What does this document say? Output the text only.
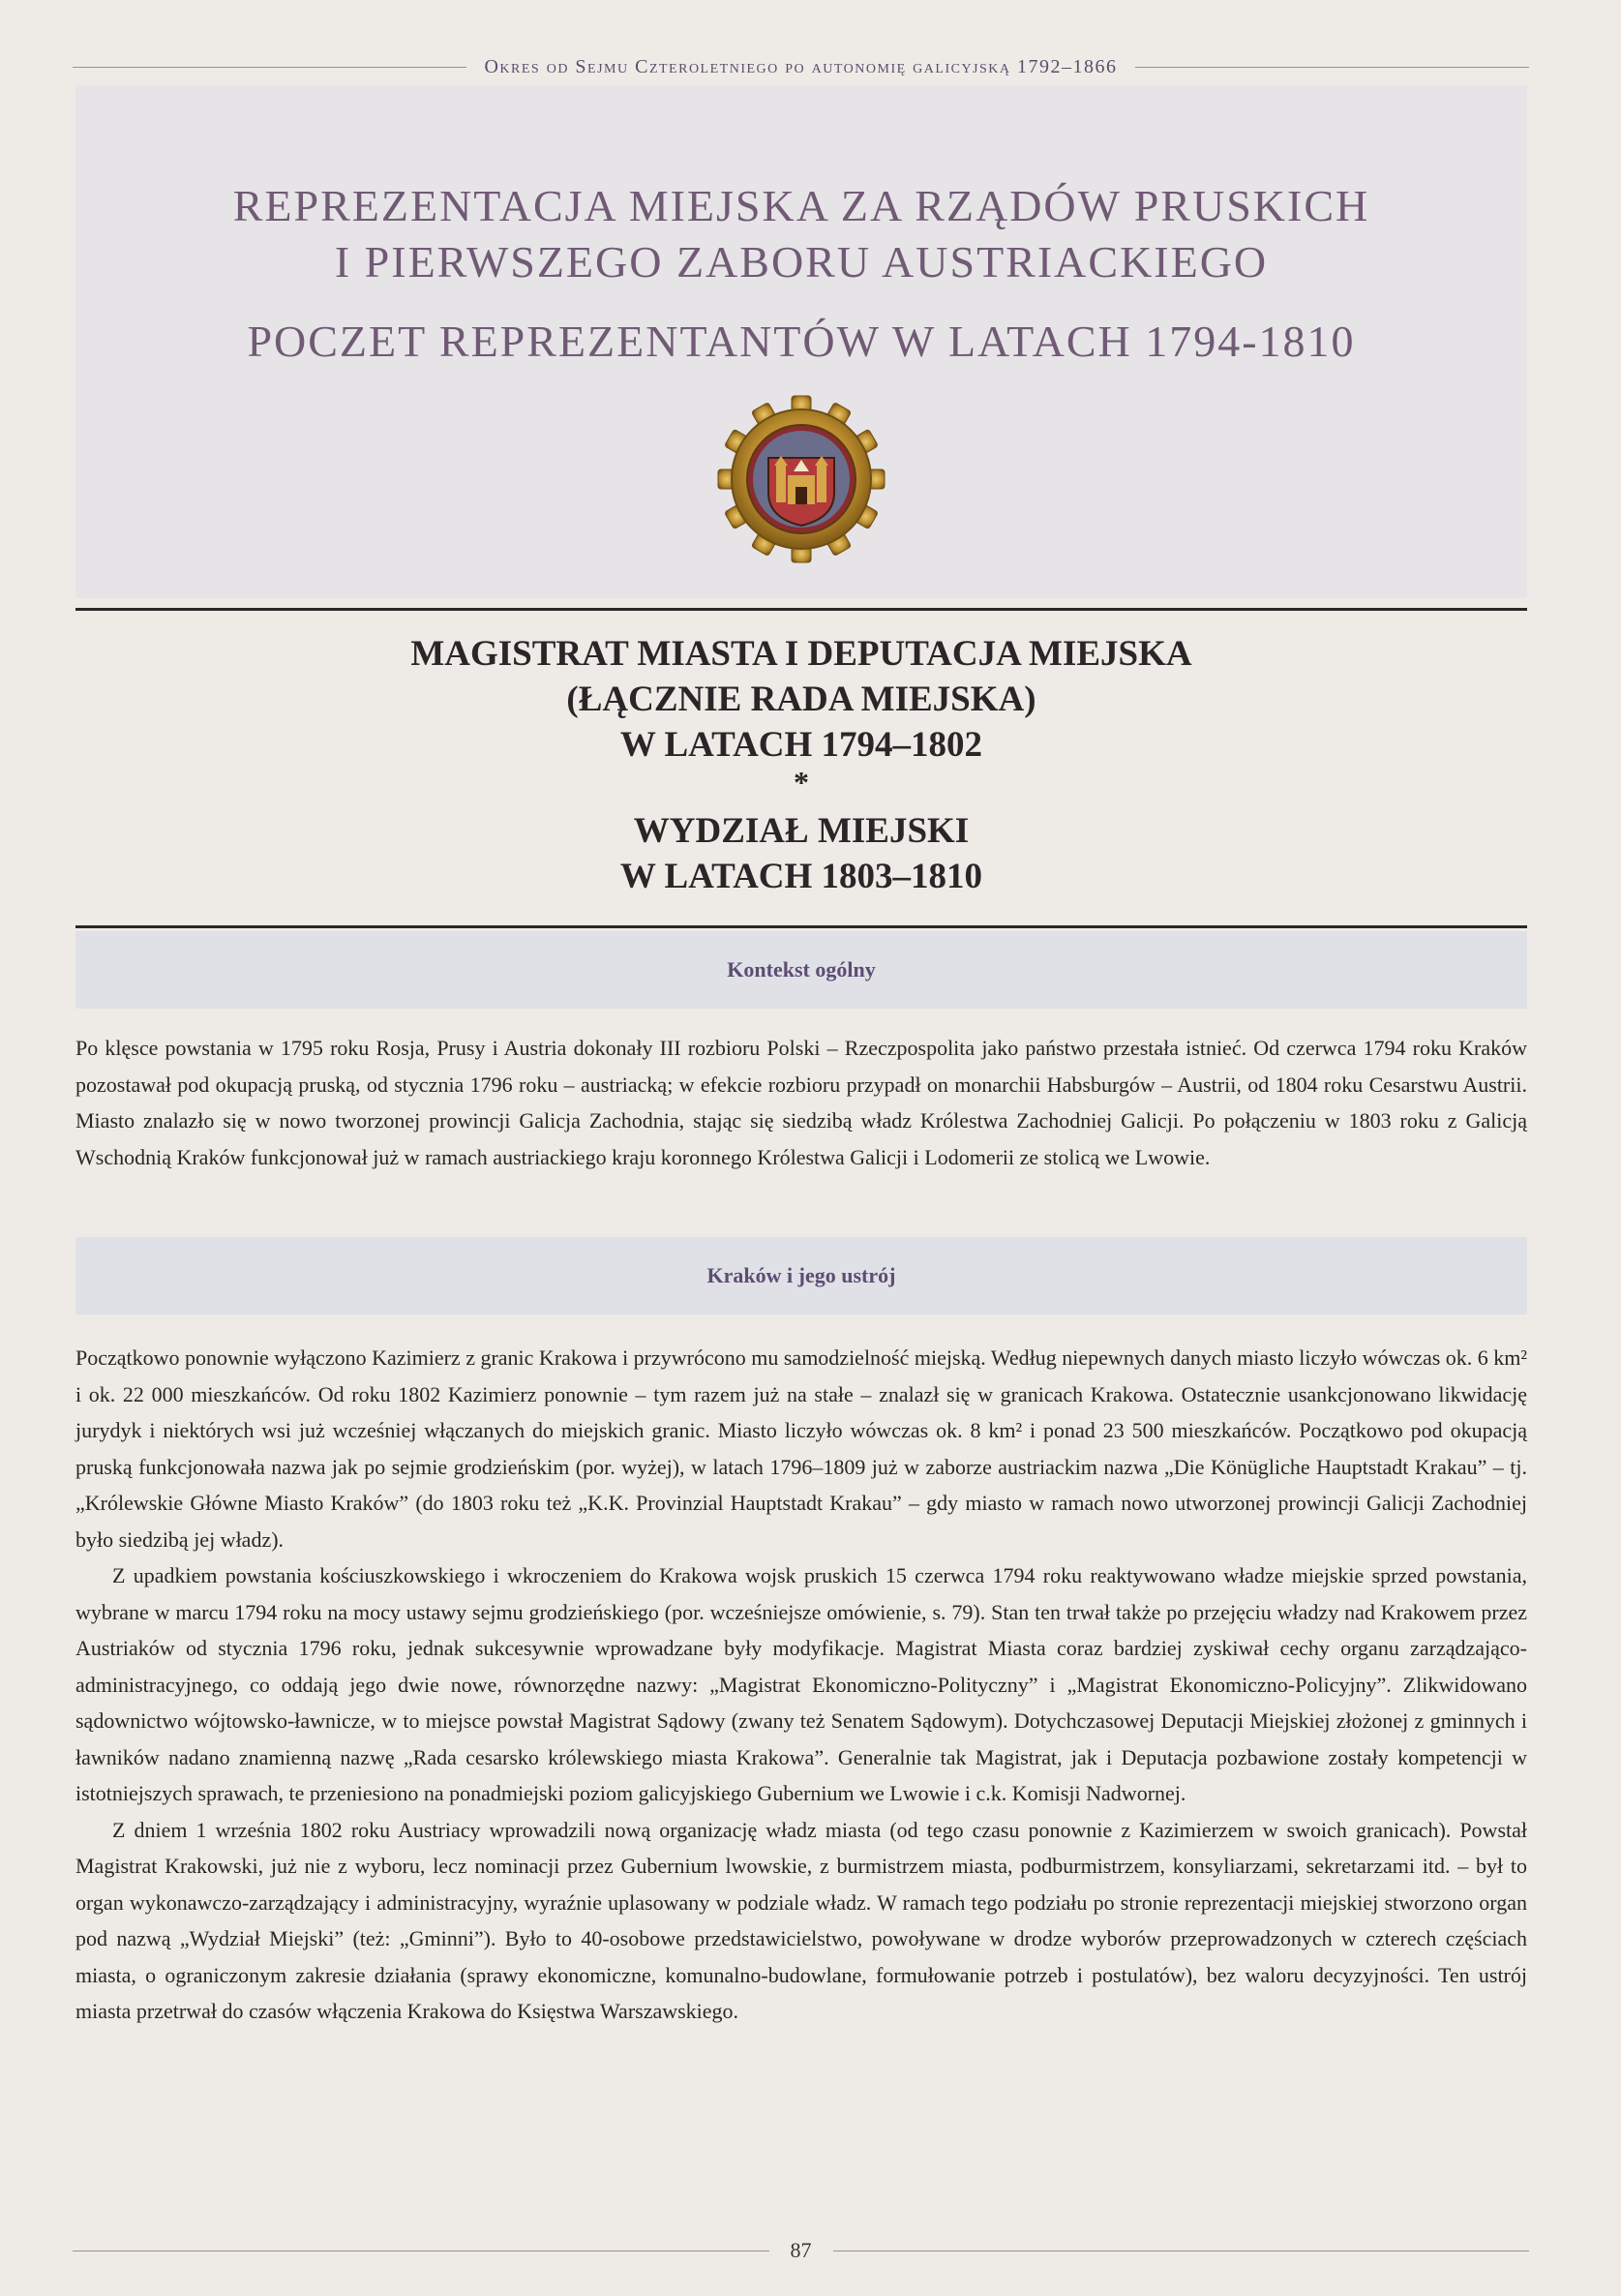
Okres od Sejmu Czteroletniego po autonomię galicyjską 1792–1866
REPREZENTACJA MIEJSKA ZA RZĄDÓW PRUSKICH
I PIERWSZEGO ZABORU AUSTRIACKIEGO
POCZET REPREZENTANTÓW W LATACH 1794-1810
MAGISTRAT MIASTA I DEPUTACJA MIEJSKA
(ŁĄCZNIE RADA MIEJSKA)
W LATACH 1794–1802
*
WYDZIAŁ MIEJSKI
W LATACH 1803–1810
Kontekst ogólny

Po klęsce powstania w 1795 roku Rosja, Prusy i Austria dokonały III rozbioru Polski – Rzeczpospolita jako państwo przestała istnieć. Od czerwca 1794 roku Kraków pozostawał pod okupacją pruską, od stycznia 1796 roku – austriacką; w efekcie rozbioru przypadł on monarchii Habsburgów – Austrii, od 1804 roku Cesarstwu Austrii. Miasto znalazło się w nowo tworzonej prowincji Galicja Zachodnia, stając się siedzibą władz Królestwa Zachodniej Galicji. Po połączeniu w 1803 roku z Galicją Wschodnią Kraków funkcjonował już w ramach austriackiego kraju koronnego Królestwa Galicji i Lodomerii ze stolicą we Lwowie.

Kraków i jego ustrój

Początkowo ponownie wyłączono Kazimierz z granic Krakowa i przywrócono mu samodzielność miejską. Według niepewnych danych miasto liczyło wówczas ok. 6 km² i ok. 22 000 mieszkańców. Od roku 1802 Kazimierz ponownie – tym razem już na stałe – znalazł się w granicach Krakowa. Ostatecznie usankcjonowano likwidację jurydyk i niektórych wsi już wcześniej włączanych do miejskich granic. Miasto liczyło wówczas ok. 8 km² i ponad 23 500 mieszkańców. Początkowo pod okupacją pruską funkcjonowała nazwa jak po sejmie grodzieńskim (por. wyżej), w latach 1796–1809 już w zaborze austriackim nazwa „Die Könügliche Hauptstadt Krakau” – tj. „Królewskie Główne Miasto Kraków” (do 1803 roku też „K.K. Provinzial Hauptstadt Krakau” – gdy miasto w ramach nowo utworzonej prowincji Galicji Zachodniej było siedzibą jej władz).

Z upadkiem powstania kościuszkowskiego i wkroczeniem do Krakowa wojsk pruskich 15 czerwca 1794 roku reaktywowano władze miejskie sprzed powstania, wybrane w marcu 1794 roku na mocy ustawy sejmu grodzieńskiego (por. wcześniejsze omówienie, s. 79). Stan ten trwał także po przejęciu władzy nad Krakowem przez Austriaków od stycznia 1796 roku, jednak sukcesywnie wprowadzane były modyfikacje. Magistrat Miasta coraz bardziej zyskiwał cechy organu zarządzająco-administracyjnego, co oddają jego dwie nowe, równorzędne nazwy: „Magistrat Ekonomiczno-Polityczny” i „Magistrat Ekonomiczno-Policyjny”. Zlikwidowano sądownictwo wójtowsko-ławnicze, w to miejsce powstał Magistrat Sądowy (zwany też Senatem Sądowym). Dotychczasowej Deputacji Miejskiej złożonej z gminnych i ławników nadano znamienną nazwę „Rada cesarsko królewskiego miasta Krakowa”. Generalnie tak Magistrat, jak i Deputacja pozbawione zostały kompetencji w istotniejszych sprawach, te przeniesiono na ponadmiejski poziom galicyjskiego Gubernium we Lwowie i c.k. Komisji Nadwornej.

Z dniem 1 września 1802 roku Austriacy wprowadzili nową organizację władz miasta (od tego czasu ponownie z Kazimierzem w swoich granicach). Powstał Magistrat Krakowski, już nie z wyboru, lecz nominacji przez Gubernium lwowskie, z burmistrzem miasta, podburmistrzem, konsyliarzami, sekretarzami itd. – był to organ wykonawczo-zarządzający i administracyjny, wyraźnie uplasowany w podziale władz. W ramach tego podziału po stronie reprezentacji miejskiej stworzono organ pod nazwą „Wydział Miejski” (też: „Gminni”). Było to 40-osobowe przedstawicielstwo, powoływane w drodze wyborów przeprowadzonych w czterech częściach miasta, o ograniczonym zakresie działania (sprawy ekonomiczne, komunalno-budowlane, formułowanie potrzeb i postulatów), bez waloru decyzyjności. Ten ustrój miasta przetrwał do czasów włączenia Krakowa do Księstwa Warszawskiego.

87
